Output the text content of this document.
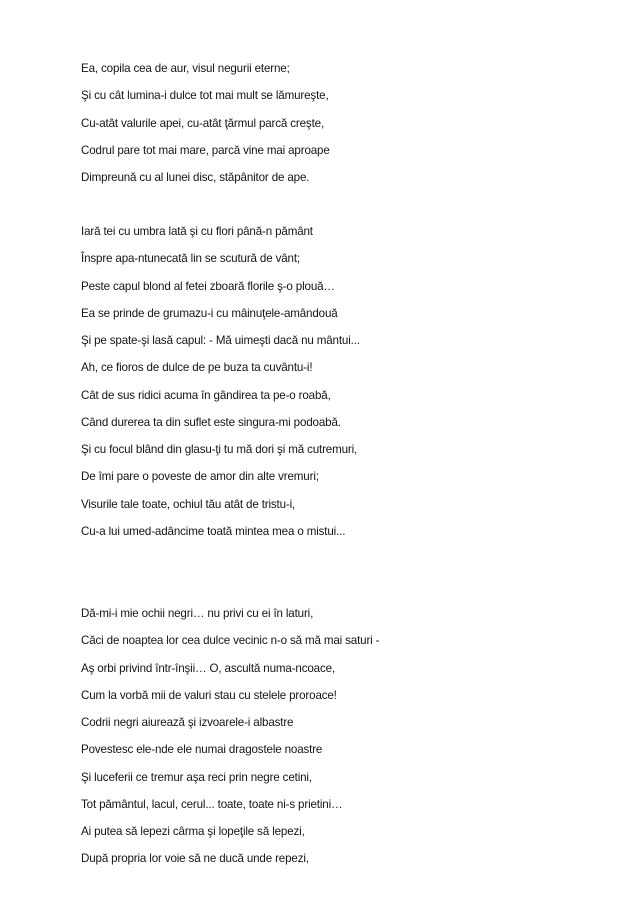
Ea, copila cea de aur, visul negurii eterne;
Şi cu cât lumina-i dulce tot mai mult se lămureşte,
Cu-atât valurile apei, cu-atât ţărmul parcă creşte,
Codrul pare tot mai mare, parcă vine mai aproape
Dimpreună cu al lunei disc, stăpânitor de ape.
Iară tei cu umbra lată şi cu flori până-n pământ
Înspre apa-ntunecată lin se scutură de vânt;
Peste capul blond al fetei zboară florile ş-o plouă…
Ea se prinde de grumazu-i cu mâinuţele-amândouă
Şi pe spate-şi lasă capul: - Mă uimeşti dacă nu mântui...
Ah, ce fioros de dulce de pe buza ta cuvântu-i!
Cât de sus ridici acuma în gândirea ta pe-o roabă,
Când durerea ta din suflet este singura-mi podoabă.
Şi cu focul blând din glasu-ţi tu mă dori şi mă cutremuri,
De îmi pare o poveste de amor din alte vremuri;
Visurile tale toate, ochiul tău atât de tristu-i,
Cu-a lui umed-adâncime toată mintea mea o mistui...
Dă-mi-i mie ochii negri… nu privi cu ei în laturi,
Căci de noaptea lor cea dulce vecinic n-o să mă mai saturi -
Aş orbi privind într-înşii… O, ascultă numa-ncoace,
Cum la vorbă mii de valuri stau cu stelele proroace!
Codrii negri aiurează şi izvoarele-i albastre
Povestesc ele-nde ele numai dragostele noastre
Şi luceferii ce tremur aşa reci prin negre cetini,
Tot pământul, lacul, cerul... toate, toate ni-s prietini…
Ai putea să lepezi cârma şi lopeţile să lepezi,
După propria lor voie să ne ducă unde repezi,
